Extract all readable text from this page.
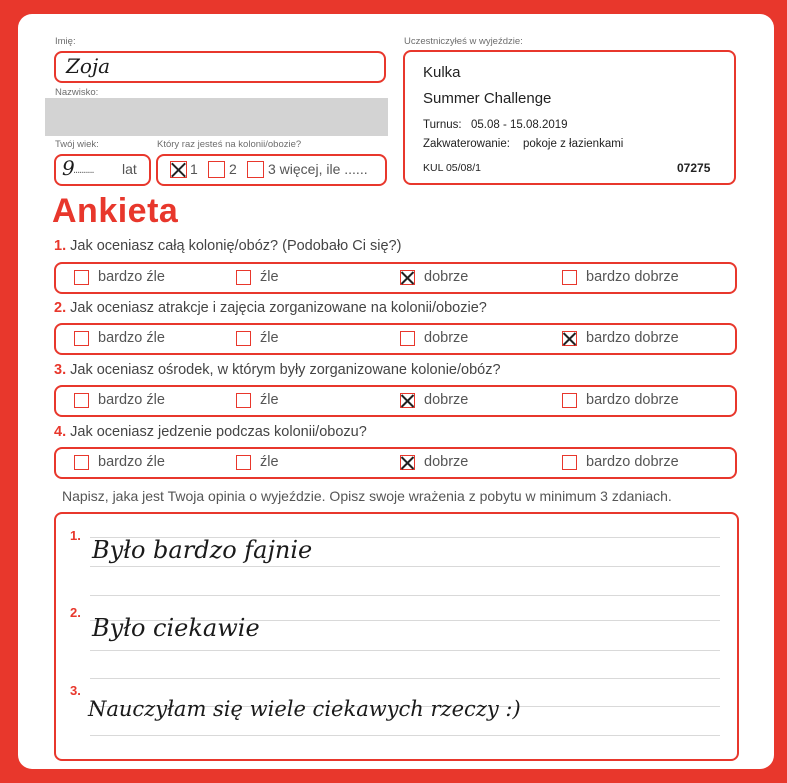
Imię:
Zoja
Nazwisko:
Twój wiek:
9
.......... lat
Który raz jesteś na kolonii/obozie?
1 2 3 więcej, ile ......
Uczestniczyłeś w wyjeździe:
Kulka
Summer Challenge
Turnus: 05.08 - 15.08.2019
Zakwaterowanie: pokoje z łazienkami
KUL 05/08/1	07275
Ankieta
1. Jak oceniasz całą kolonię/obóz? (Podobało Ci się?)
bardzo źle	źle	dobrze	bardzo dobrze
2. Jak oceniasz atrakcje i zajęcia zorganizowane na kolonii/obozie?
bardzo źle	źle	dobrze	bardzo dobrze
3. Jak oceniasz ośrodek, w którym były zorganizowane kolonie/obóz?
bardzo źle	źle	dobrze	bardzo dobrze
4. Jak oceniasz jedzenie podczas kolonii/obozu?
bardzo źle	źle	dobrze	bardzo dobrze
Napisz, jaka jest Twoja opinia o wyjeździe. Opisz swoje wrażenia z pobytu w minimum 3 zdaniach.
1.
Było bardzo fajnie
2.
Było ciekawie
3.
Nauczyłam się wiele ciekawych rzeczy :)
